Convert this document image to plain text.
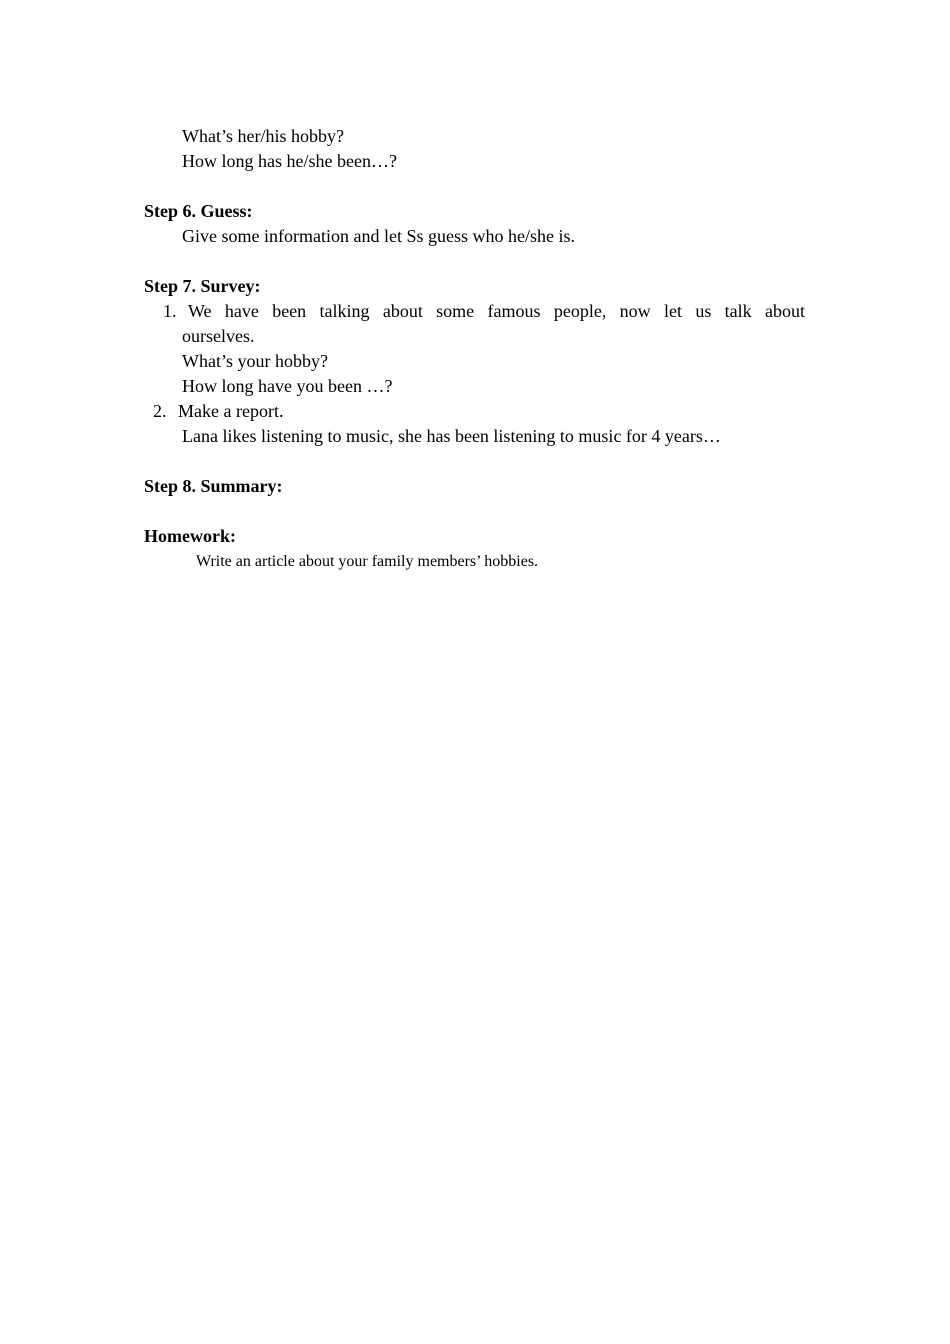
What’s her/his hobby?
How long has he/she been…?
Step 6. Guess:
Give some information and let Ss guess who he/she is.
Step 7. Survey:
1. We have been talking about some famous people, now let us talk about
ourselves.
What’s your hobby?
How long have you been …?
2. Make a report.
Lana likes listening to music, she has been listening to music for 4 years…
Step 8. Summary:
Homework:
Write an article about your family members’ hobbies.
